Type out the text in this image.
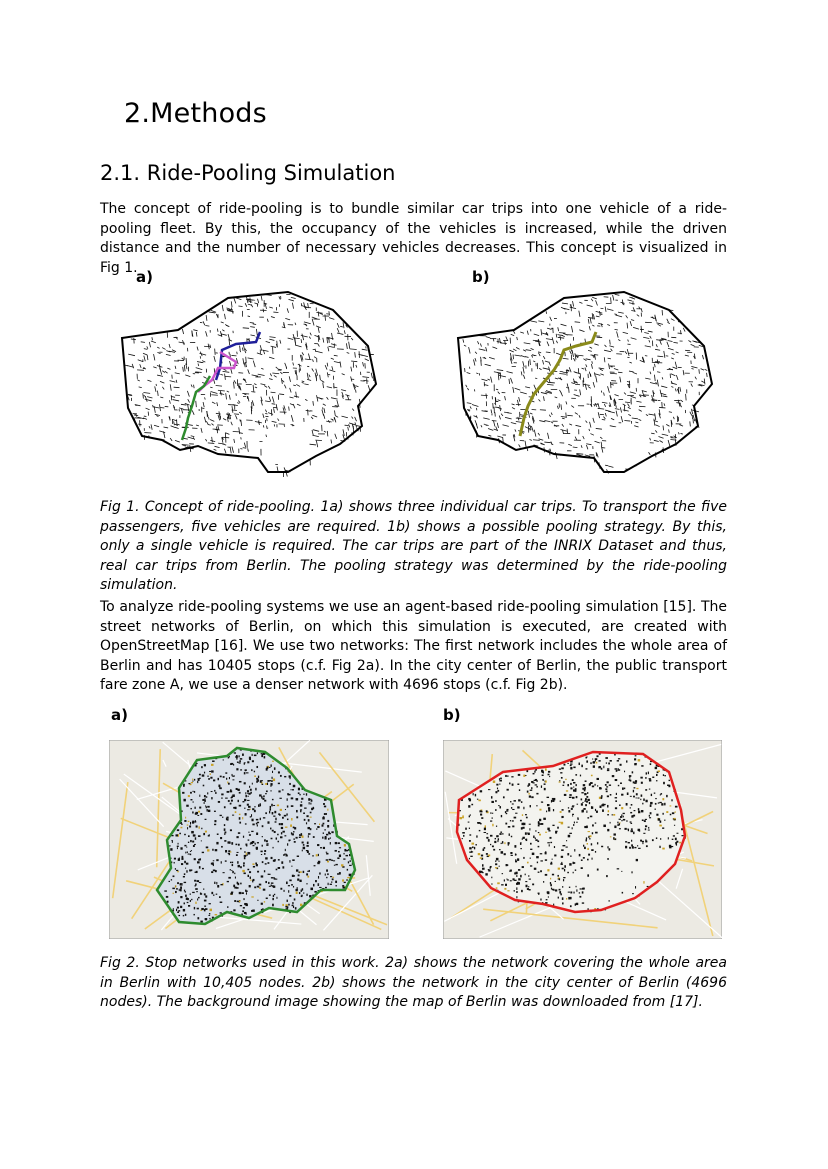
2.Methods
2.1. Ride-Pooling Simulation

The concept of ride-pooling is to bundle similar car trips into one vehicle of a ride-pooling fleet. By this, the occupancy of the vehicles is increased, while the driven distance and the number of necessary vehicles decreases. This concept is visualized in Fig 1.

a)	b)

Fig 1. Concept of ride-pooling. 1a) shows three individual car trips. To transport the five passengers, five vehicles are required. 1b) shows a possible pooling strategy. By this, only a single vehicle is required. The car trips are part of the INRIX Dataset and thus, real car trips from Berlin. The pooling strategy was determined by the ride-pooling simulation.

To analyze ride-pooling systems we use an agent-based ride-pooling simulation [15]. The street networks of Berlin, on which this simulation is executed, are created with OpenStreetMap [16]. We use two networks: The first network includes the whole area of Berlin and has 10405 stops (c.f. Fig 2a). In the city center of Berlin, the public transport fare zone A, we use a denser network with 4696 stops (c.f. Fig 2b).

a)	b)

Fig 2. Stop networks used in this work. 2a) shows the network covering the whole area in Berlin with 10,405 nodes. 2b) shows the network in the city center of Berlin (4696 nodes). The background image showing the map of Berlin was downloaded from [17].
